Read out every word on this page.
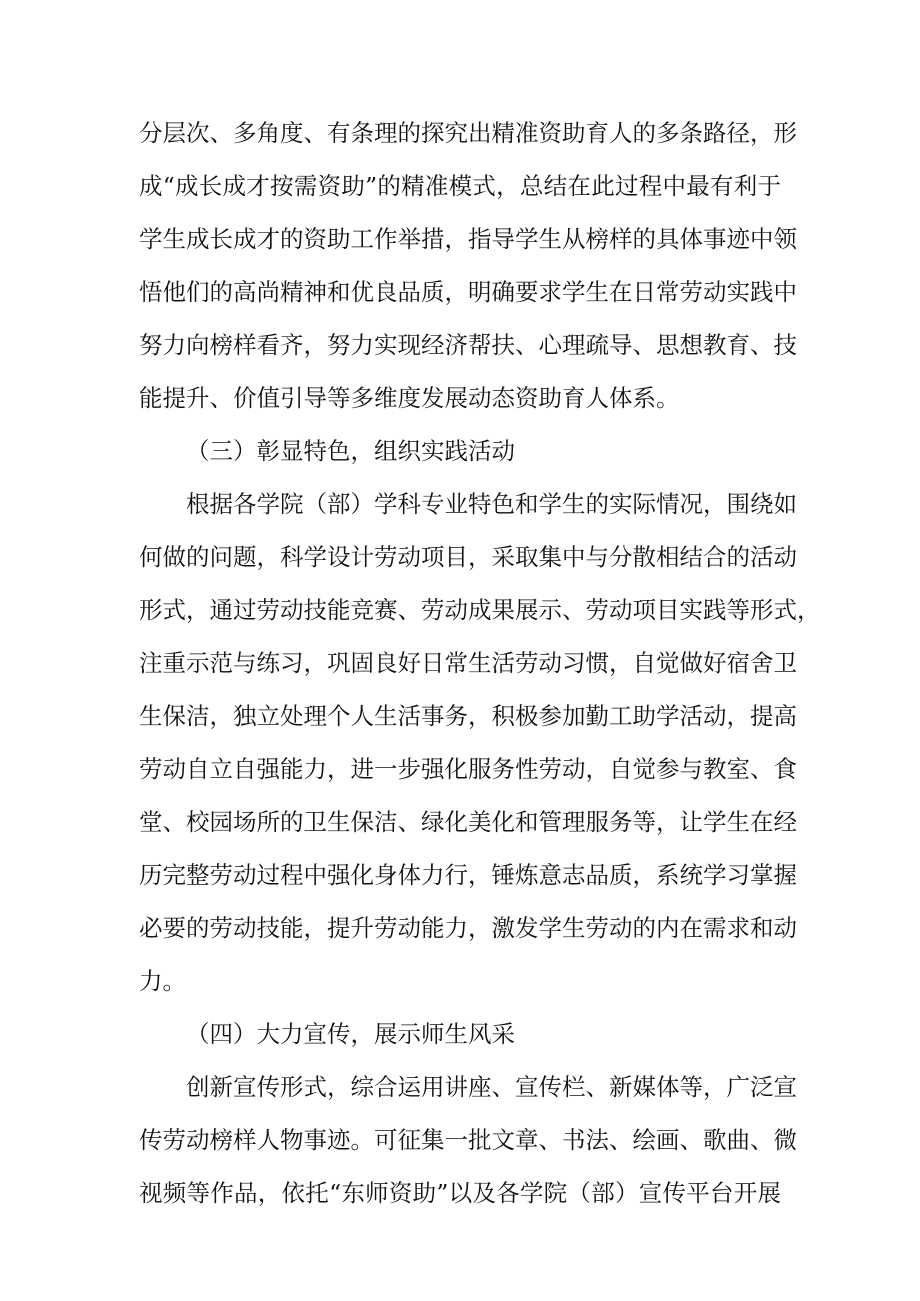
分层次、多角度、有条理的探究出精准资助育人的多条路径，形
成“成长成才按需资助”的精准模式，总结在此过程中最有利于
学生成长成才的资助工作举措，指导学生从榜样的具体事迹中领
悟他们的高尚精神和优良品质，明确要求学生在日常劳动实践中
努力向榜样看齐，努力实现经济帮扶、心理疏导、思想教育、技
能提升、价值引导等多维度发展动态资助育人体系。
（三）彰显特色，组织实践活动
根据各学院（部）学科专业特色和学生的实际情况，围绕如
何做的问题，科学设计劳动项目，采取集中与分散相结合的活动
形式，通过劳动技能竞赛、劳动成果展示、劳动项目实践等形式，
注重示范与练习，巩固良好日常生活劳动习惯，自觉做好宿舍卫
生保洁，独立处理个人生活事务，积极参加勤工助学活动，提高
劳动自立自强能力，进一步强化服务性劳动，自觉参与教室、食
堂、校园场所的卫生保洁、绿化美化和管理服务等，让学生在经
历完整劳动过程中强化身体力行，锤炼意志品质，系统学习掌握
必要的劳动技能，提升劳动能力，激发学生劳动的内在需求和动
力。
（四）大力宣传，展示师生风采
创新宣传形式，综合运用讲座、宣传栏、新媒体等，广泛宣
传劳动榜样人物事迹。可征集一批文章、书法、绘画、歌曲、微
视频等作品，依托“东师资助”以及各学院（部）宣传平台开展
